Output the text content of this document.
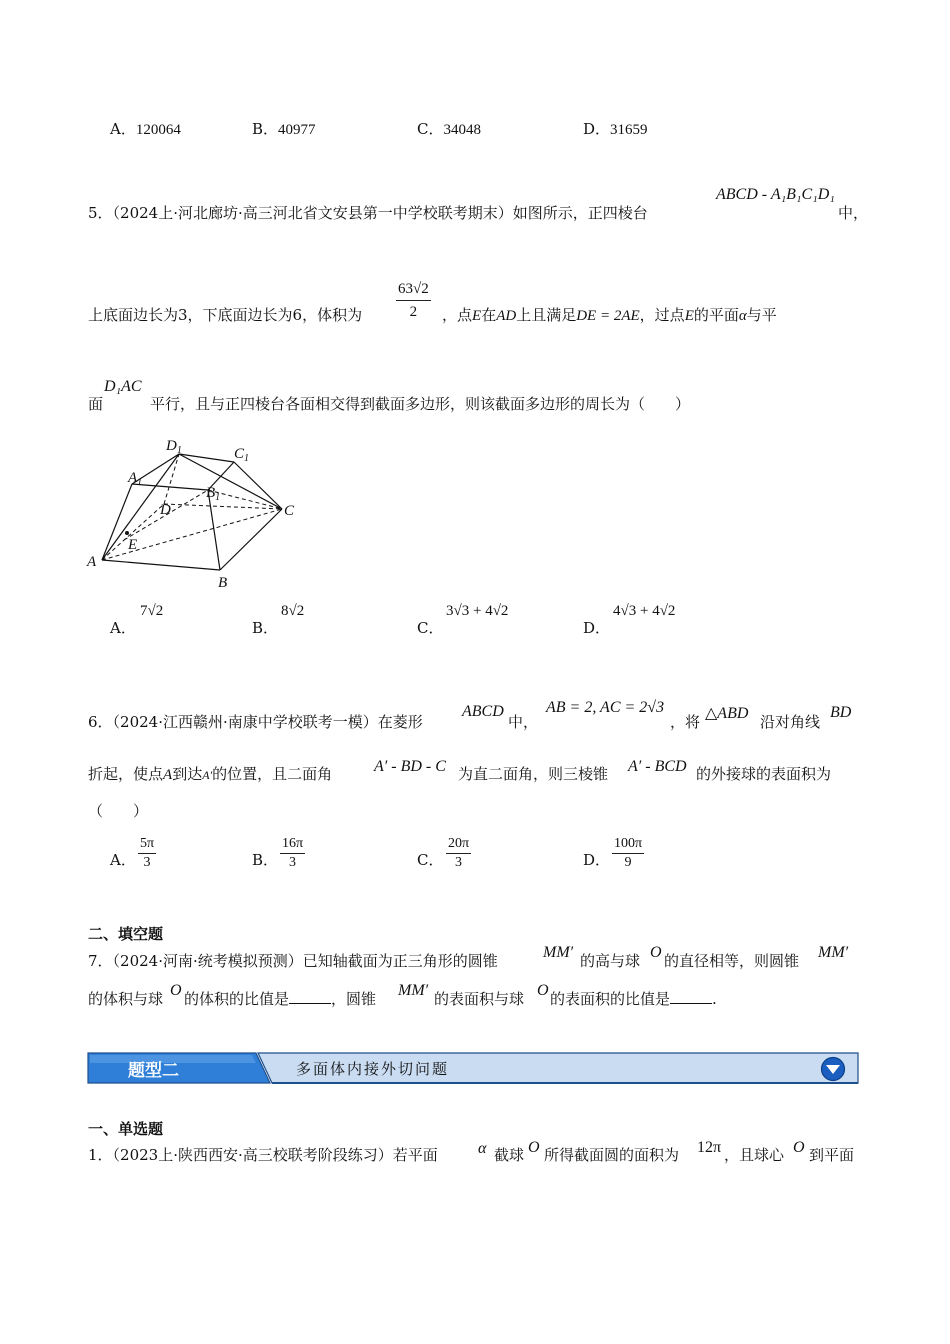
A．120064	B．40977	C．34048	D．31659
5．（2024上·河北廊坊·高三河北省文安县第一中学校联考期末）如图所示，正四棱台
ABCD - A₁B₁C₁D₁
中，
上底面边长为3，下底面边长为6，体积为 $\frac{63√2}{2}$ ，点E在AD上且满足DE = 2AE，过点E的平面α与平
面
D₁AC
平行，且与正四棱台各面相交得到截面多边形，则该截面多边形的周长为（　　）
$D_1$	$C_1$
$A_1$
$B_1$
D	C
E
A
B
A．
7√2
B．
8√2
C．
3√3 + 4√2
D．
4√3 + 4√2
6．（2024·江西赣州·南康中学校联考一模）在菱形
ABCD
中，
AB = 2, AC = 2√3
，将 △ABD 沿对角线
BD
折起，使点A到达A′的位置，且二面角	A′ - BD - C 为直二面角，则三棱锥 A′ - BCD 的外接球的表面积为
（　　）
A． $\frac{5\pi}{3}$	B． $\frac{16\pi}{3}$	C． $\frac{20\pi}{3}$	D． $\frac{100\pi}{9}$
二、填空题
7．（2024·河南·统考模拟预测）已知轴截面为正三角形的圆锥	MM′ 的高与球 O 的直径相等，则圆锥 MM′
的体积与球 O 的体积的比值是	，圆锥 MM′ 的表面积与球 O 的表面积的比值是	.
题型二	多面体内接外切问题
一、单选题
1．（2023上·陕西西安·高三校联考阶段练习）若平面	α 截球 O 所得截面圆的面积为 12π ，且球心 O 到平面
